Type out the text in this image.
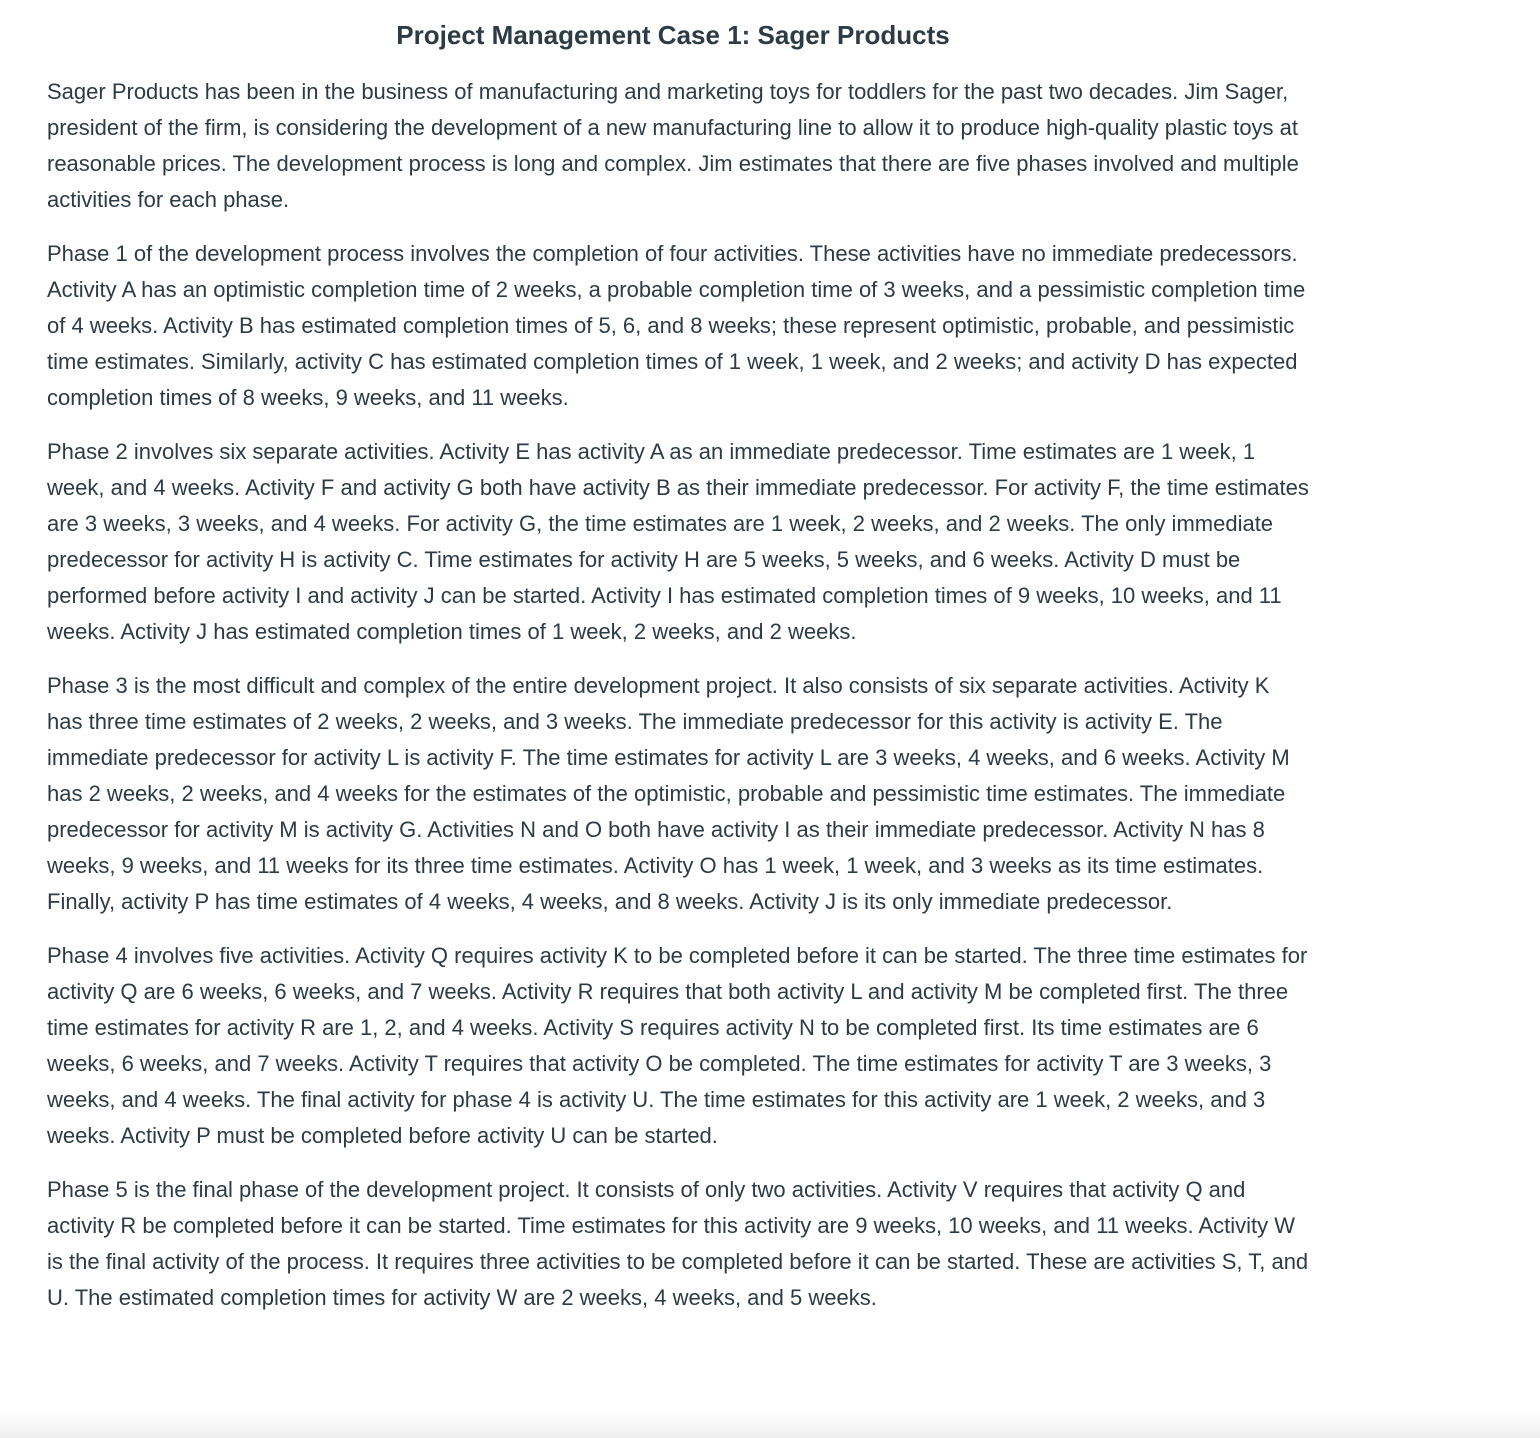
Project Management Case 1: Sager Products

Sager Products has been in the business of manufacturing and marketing toys for toddlers for the past two decades. Jim Sager, president of the firm, is considering the development of a new manufacturing line to allow it to produce high-quality plastic toys at reasonable prices. The development process is long and complex. Jim estimates that there are five phases involved and multiple activities for each phase.

Phase 1 of the development process involves the completion of four activities. These activities have no immediate predecessors. Activity A has an optimistic completion time of 2 weeks, a probable completion time of 3 weeks, and a pessimistic completion time of 4 weeks. Activity B has estimated completion times of 5, 6, and 8 weeks; these represent optimistic, probable, and pessimistic time estimates. Similarly, activity C has estimated completion times of 1 week, 1 week, and 2 weeks; and activity D has expected completion times of 8 weeks, 9 weeks, and 11 weeks.

Phase 2 involves six separate activities. Activity E has activity A as an immediate predecessor. Time estimates are 1 week, 1 week, and 4 weeks. Activity F and activity G both have activity B as their immediate predecessor. For activity F, the time estimates are 3 weeks, 3 weeks, and 4 weeks. For activity G, the time estimates are 1 week, 2 weeks, and 2 weeks. The only immediate predecessor for activity H is activity C. Time estimates for activity H are 5 weeks, 5 weeks, and 6 weeks. Activity D must be performed before activity I and activity J can be started. Activity I has estimated completion times of 9 weeks, 10 weeks, and 11 weeks. Activity J has estimated completion times of 1 week, 2 weeks, and 2 weeks.

Phase 3 is the most difficult and complex of the entire development project. It also consists of six separate activities. Activity K has three time estimates of 2 weeks, 2 weeks, and 3 weeks. The immediate predecessor for this activity is activity E. The immediate predecessor for activity L is activity F. The time estimates for activity L are 3 weeks, 4 weeks, and 6 weeks. Activity M has 2 weeks, 2 weeks, and 4 weeks for the estimates of the optimistic, probable and pessimistic time estimates. The immediate predecessor for activity M is activity G. Activities N and O both have activity I as their immediate predecessor. Activity N has 8 weeks, 9 weeks, and 11 weeks for its three time estimates. Activity O has 1 week, 1 week, and 3 weeks as its time estimates. Finally, activity P has time estimates of 4 weeks, 4 weeks, and 8 weeks. Activity J is its only immediate predecessor.

Phase 4 involves five activities. Activity Q requires activity K to be completed before it can be started. The three time estimates for activity Q are 6 weeks, 6 weeks, and 7 weeks. Activity R requires that both activity L and activity M be completed first. The three time estimates for activity R are 1, 2, and 4 weeks. Activity S requires activity N to be completed first. Its time estimates are 6 weeks, 6 weeks, and 7 weeks. Activity T requires that activity O be completed. The time estimates for activity T are 3 weeks, 3 weeks, and 4 weeks. The final activity for phase 4 is activity U. The time estimates for this activity are 1 week, 2 weeks, and 3 weeks. Activity P must be completed before activity U can be started.

Phase 5 is the final phase of the development project. It consists of only two activities. Activity V requires that activity Q and activity R be completed before it can be started. Time estimates for this activity are 9 weeks, 10 weeks, and 11 weeks. Activity W is the final activity of the process. It requires three activities to be completed before it can be started. These are activities S, T, and U. The estimated completion times for activity W are 2 weeks, 4 weeks, and 5 weeks.
